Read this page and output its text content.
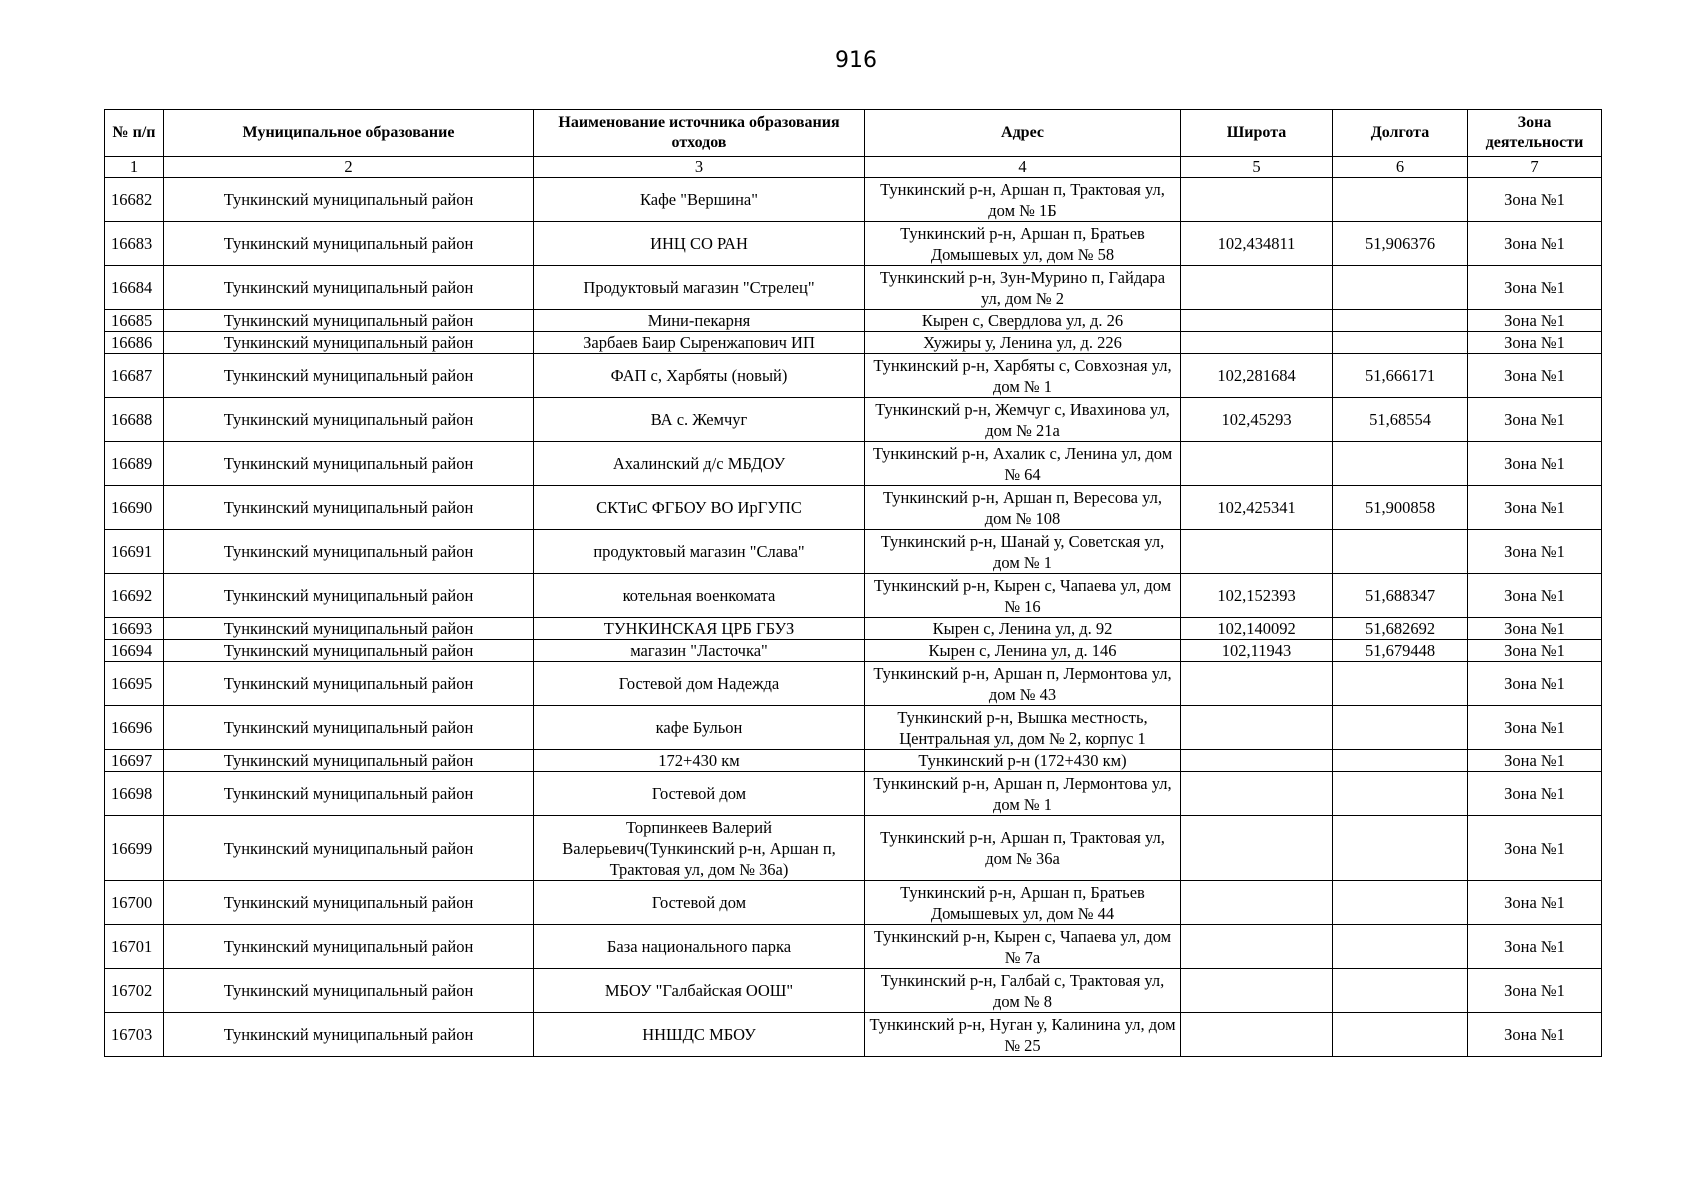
916
№ п/п	Муниципальное образование	Наименование источника образования отходов	Адрес	Широта	Долгота	Зона деятельности
1	2	3	4	5	6	7
16682	Тункинский муниципальный район	Кафе "Вершина"	Тункинский р-н, Аршан п, Трактовая ул, дом № 1Б			Зона №1
16683	Тункинский муниципальный район	ИНЦ СО РАН	Тункинский р-н, Аршан п, Братьев Домышевых ул, дом № 58	102,434811	51,906376	Зона №1
16684	Тункинский муниципальный район	Продуктовый магазин "Стрелец"	Тункинский р-н, Зун-Мурино п, Гайдара ул, дом № 2			Зона №1
16685	Тункинский муниципальный район	Мини-пекарня	Кырен с, Свердлова ул, д. 26			Зона №1
16686	Тункинский муниципальный район	Зарбаев Баир Сыренжапович ИП	Хужиры у, Ленина ул, д. 226			Зона №1
16687	Тункинский муниципальный район	ФАП с, Харбяты (новый)	Тункинский р-н, Харбяты с, Совхозная ул, дом № 1	102,281684	51,666171	Зона №1
16688	Тункинский муниципальный район	ВА с. Жемчуг	Тункинский р-н, Жемчуг с, Ивахинова ул, дом № 21а	102,45293	51,68554	Зона №1
16689	Тункинский муниципальный район	Ахалинский д/с МБДОУ	Тункинский р-н, Ахалик с, Ленина ул, дом № 64			Зона №1
16690	Тункинский муниципальный район	СКТиС ФГБОУ ВО ИрГУПС	Тункинский р-н, Аршан п, Вересова ул, дом № 108	102,425341	51,900858	Зона №1
16691	Тункинский муниципальный район	продуктовый магазин "Слава"	Тункинский р-н, Шанай у, Советская ул, дом № 1			Зона №1
16692	Тункинский муниципальный район	котельная военкомата	Тункинский р-н, Кырен с, Чапаева ул, дом № 16	102,152393	51,688347	Зона №1
16693	Тункинский муниципальный район	ТУНКИНСКАЯ ЦРБ ГБУЗ	Кырен с, Ленина ул, д. 92	102,140092	51,682692	Зона №1
16694	Тункинский муниципальный район	магазин "Ласточка"	Кырен с, Ленина ул, д. 146	102,11943	51,679448	Зона №1
16695	Тункинский муниципальный район	Гостевой дом Надежда	Тункинский р-н, Аршан п, Лермонтова ул, дом № 43			Зона №1
16696	Тункинский муниципальный район	кафе Бульон	Тункинский р-н, Вышка местность, Центральная ул, дом № 2, корпус 1			Зона №1
16697	Тункинский муниципальный район	172+430 км	Тункинский р-н (172+430 км)			Зона №1
16698	Тункинский муниципальный район	Гостевой дом	Тункинский р-н, Аршан п, Лермонтова ул, дом № 1			Зона №1
16699	Тункинский муниципальный район	Торпинкеев Валерий Валерьевич(Тункинский р-н, Аршан п, Трактовая ул, дом № 36а)	Тункинский р-н, Аршан п, Трактовая ул, дом № 36а			Зона №1
16700	Тункинский муниципальный район	Гостевой дом	Тункинский р-н, Аршан п, Братьев Домышевых ул, дом № 44			Зона №1
16701	Тункинский муниципальный район	База национального парка	Тункинский р-н, Кырен с, Чапаева ул, дом № 7а			Зона №1
16702	Тункинский муниципальный район	МБОУ "Галбайская ООШ"	Тункинский р-н, Галбай с, Трактовая ул, дом № 8			Зона №1
16703	Тункинский муниципальный район	ННШДС МБОУ	Тункинский р-н, Нуган у, Калинина ул, дом № 25			Зона №1
